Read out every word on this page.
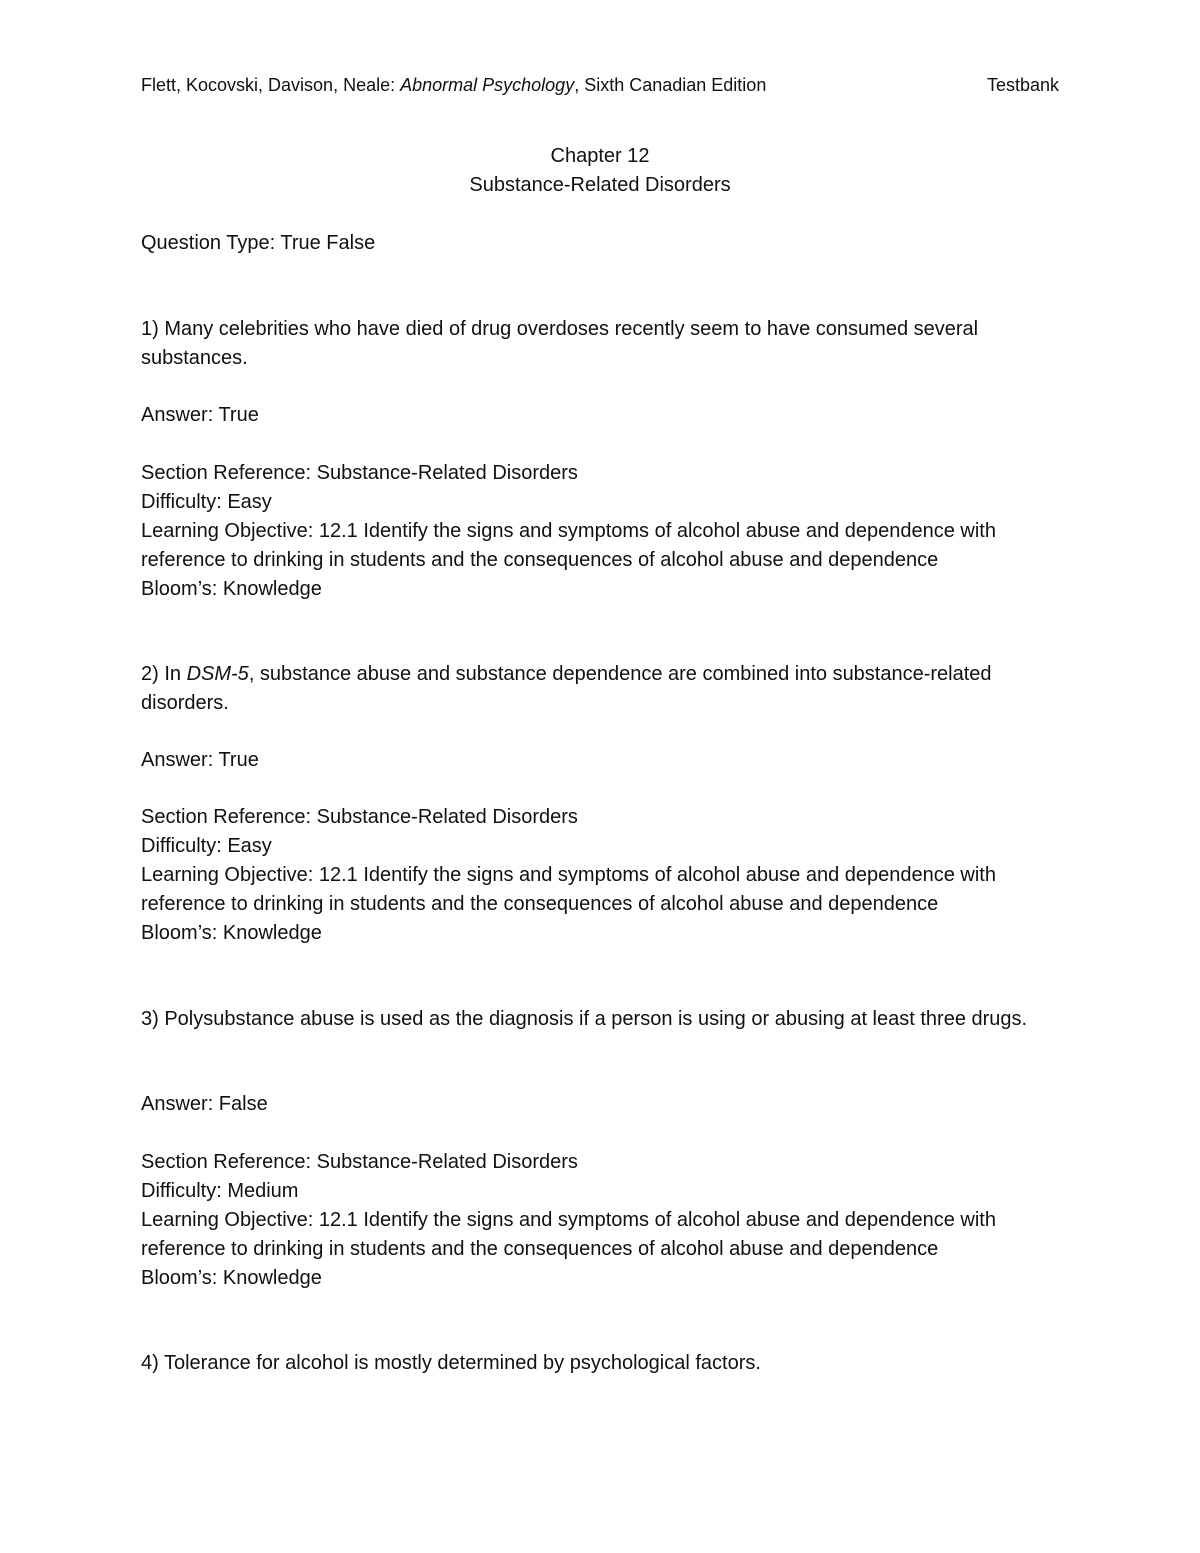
Flett, Kocovski, Davison, Neale: Abnormal Psychology, Sixth Canadian Edition	Testbank
Chapter 12
Substance-Related Disorders
Question Type: True False
1) Many celebrities who have died of drug overdoses recently seem to have consumed several substances.
Answer: True
Section Reference: Substance-Related Disorders
Difficulty: Easy
Learning Objective: 12.1 Identify the signs and symptoms of alcohol abuse and dependence with reference to drinking in students and the consequences of alcohol abuse and dependence
Bloom’s: Knowledge
2) In DSM-5, substance abuse and substance dependence are combined into substance-related disorders.
Answer: True
Section Reference: Substance-Related Disorders
Difficulty: Easy
Learning Objective: 12.1 Identify the signs and symptoms of alcohol abuse and dependence with reference to drinking in students and the consequences of alcohol abuse and dependence
Bloom’s: Knowledge
3) Polysubstance abuse is used as the diagnosis if a person is using or abusing at least three drugs.
Answer: False
Section Reference: Substance-Related Disorders
Difficulty: Medium
Learning Objective: 12.1 Identify the signs and symptoms of alcohol abuse and dependence with reference to drinking in students and the consequences of alcohol abuse and dependence
Bloom’s: Knowledge
4) Tolerance for alcohol is mostly determined by psychological factors.
